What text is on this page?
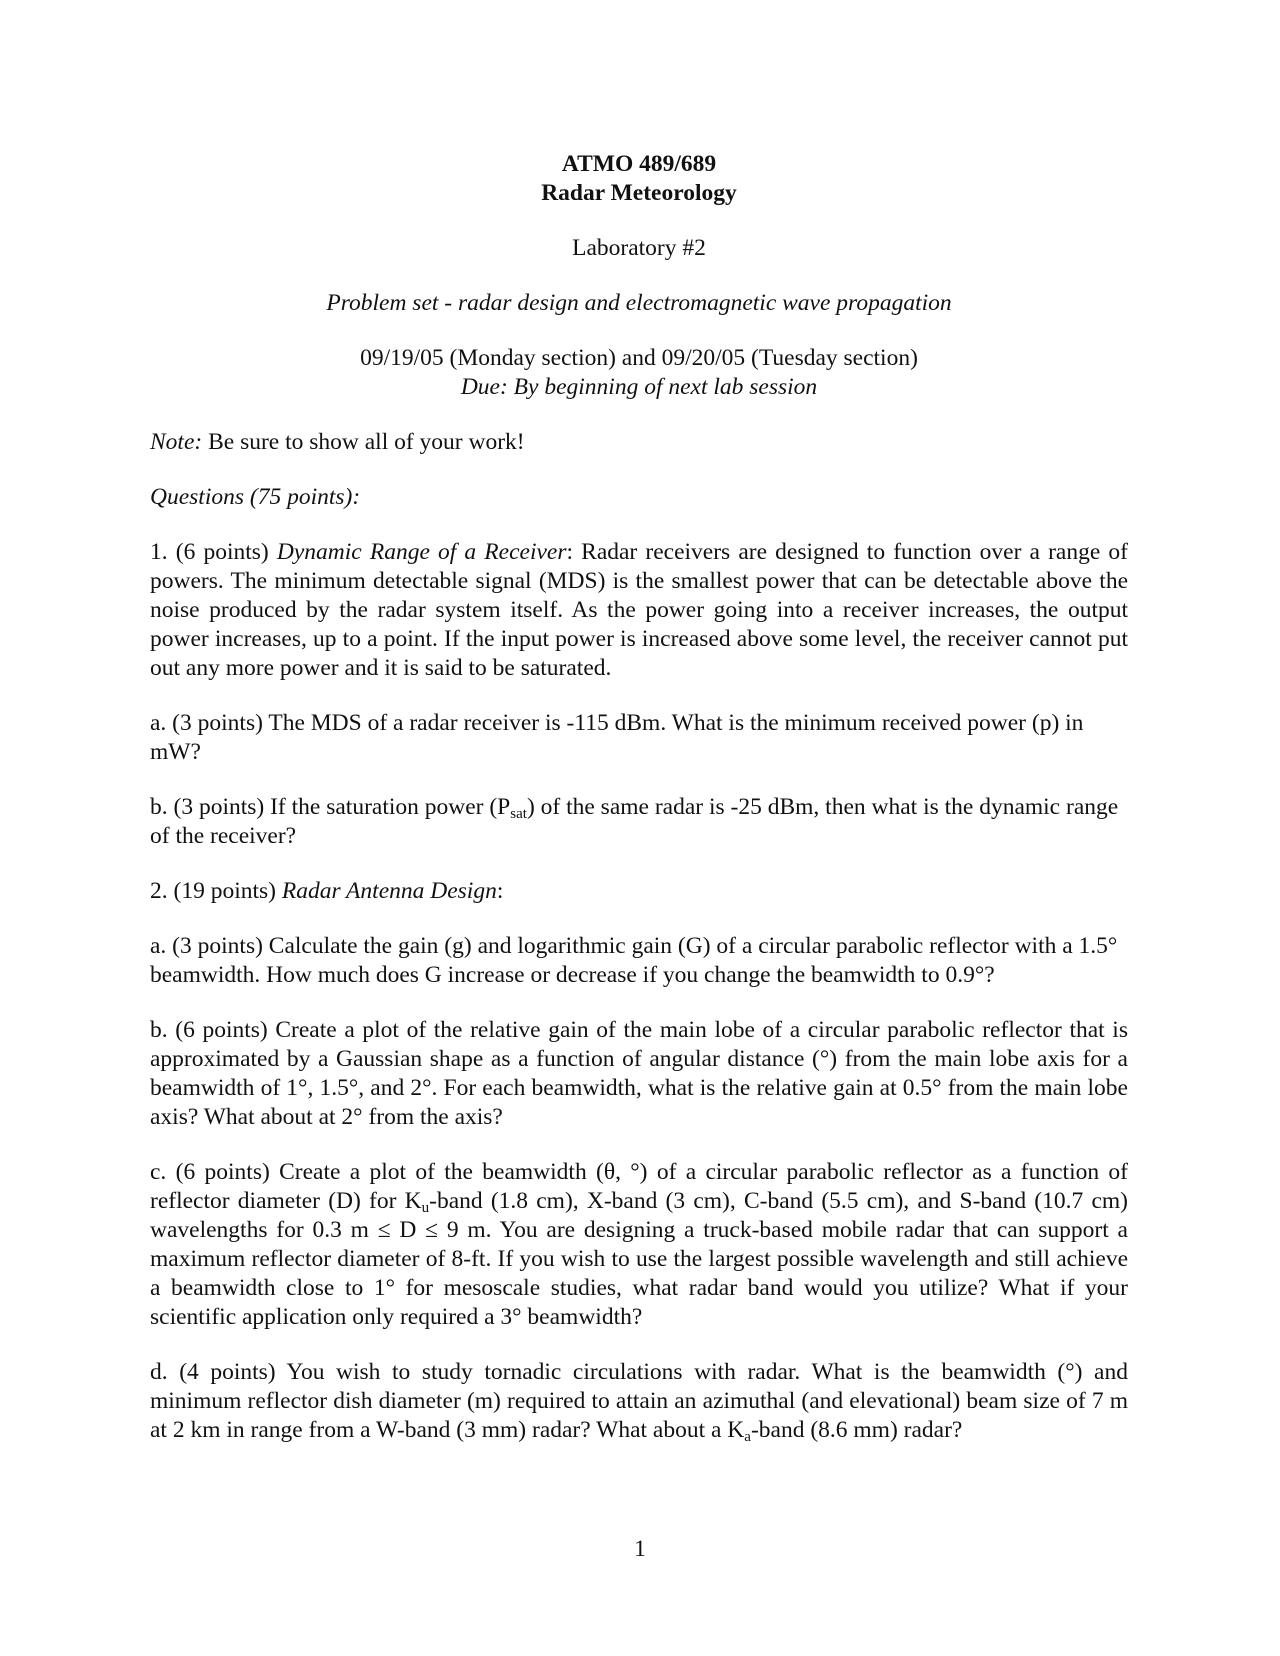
ATMO 489/689
Radar Meteorology
Laboratory #2
Problem set - radar design and electromagnetic wave propagation
09/19/05 (Monday section) and 09/20/05 (Tuesday section)
Due: By beginning of next lab session
Note: Be sure to show all of your work!
Questions (75 points):

1. (6 points) Dynamic Range of a Receiver: Radar receivers are designed to function over a range of powers. The minimum detectable signal (MDS) is the smallest power that can be detectable above the noise produced by the radar system itself. As the power going into a receiver increases, the output power increases, up to a point. If the input power is increased above some level, the receiver cannot put out any more power and it is said to be saturated.

a. (3 points) The MDS of a radar receiver is -115 dBm. What is the minimum received power (p) in mW?

b. (3 points) If the saturation power $(P_{sat})$ of the same radar is -25 dBm, then what is the dynamic range of the receiver?

2. (19 points) Radar Antenna Design:

a. (3 points) Calculate the gain (g) and logarithmic gain (G) of a circular parabolic reflector with a 1.5° beamwidth. How much does G increase or decrease if you change the beamwidth to 0.9°?

b. (6 points) Create a plot of the relative gain of the main lobe of a circular parabolic reflector that is approximated by a Gaussian shape as a function of angular distance (°) from the main lobe axis for a beamwidth of 1°, 1.5°, and 2°. For each beamwidth, what is the relative gain at 0.5° from the main lobe axis? What about at 2° from the axis?

c. (6 points) Create a plot of the beamwidth (θ, °) of a circular parabolic reflector as a function of reflector diameter (D) for $K_u$-band (1.8 cm), X-band (3 cm), C-band (5.5 cm), and S-band (10.7 cm) wavelengths for 0.3 m ≤ D ≤ 9 m. You are designing a truck-based mobile radar that can support a maximum reflector diameter of 8-ft. If you wish to use the largest possible wavelength and still achieve a beamwidth close to 1° for mesoscale studies, what radar band would you utilize? What if your scientific application only required a 3° beamwidth?

d. (4 points) You wish to study tornadic circulations with radar. What is the beamwidth (°) and minimum reflector dish diameter (m) required to attain an azimuthal (and elevational) beam size of 7 m at 2 km in range from a W-band (3 mm) radar? What about a $K_a$-band (8.6 mm) radar?

1
